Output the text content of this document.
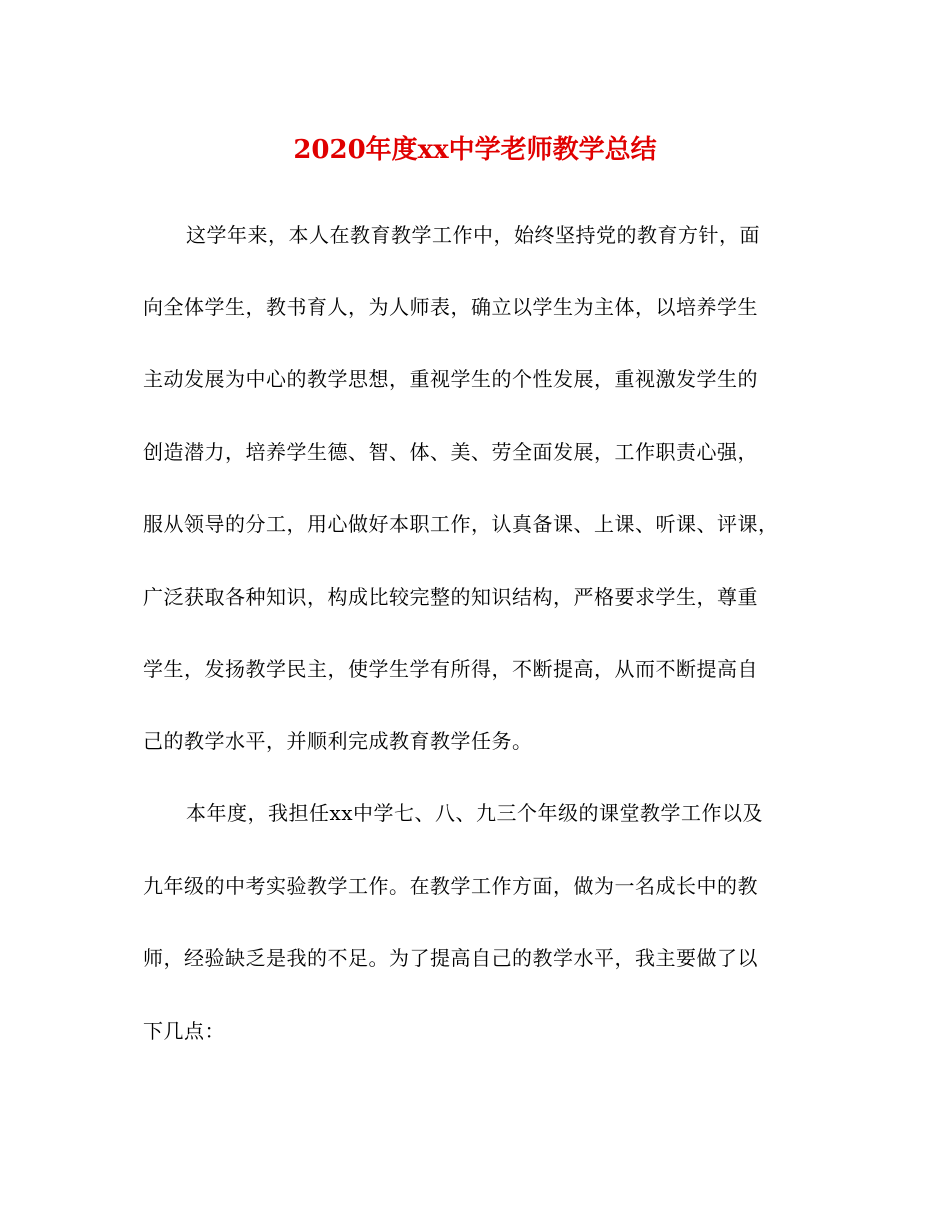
2020年度xx中学老师教学总结
这学年来，本人在教育教学工作中，始终坚持党的教育方针，面
向全体学生，教书育人，为人师表，确立以学生为主体，以培养学生
主动发展为中心的教学思想，重视学生的个性发展，重视激发学生的
创造潜力，培养学生德、智、体、美、劳全面发展，工作职责心强，
服从领导的分工，用心做好本职工作，认真备课、上课、听课、评课，
广泛获取各种知识，构成比较完整的知识结构，严格要求学生，尊重
学生，发扬教学民主，使学生学有所得，不断提高，从而不断提高自
己的教学水平，并顺利完成教育教学任务。
本年度，我担任xx中学七、八、九三个年级的课堂教学工作以及
九年级的中考实验教学工作。在教学工作方面，做为一名成长中的教
师，经验缺乏是我的不足。为了提高自己的教学水平，我主要做了以
下几点：
